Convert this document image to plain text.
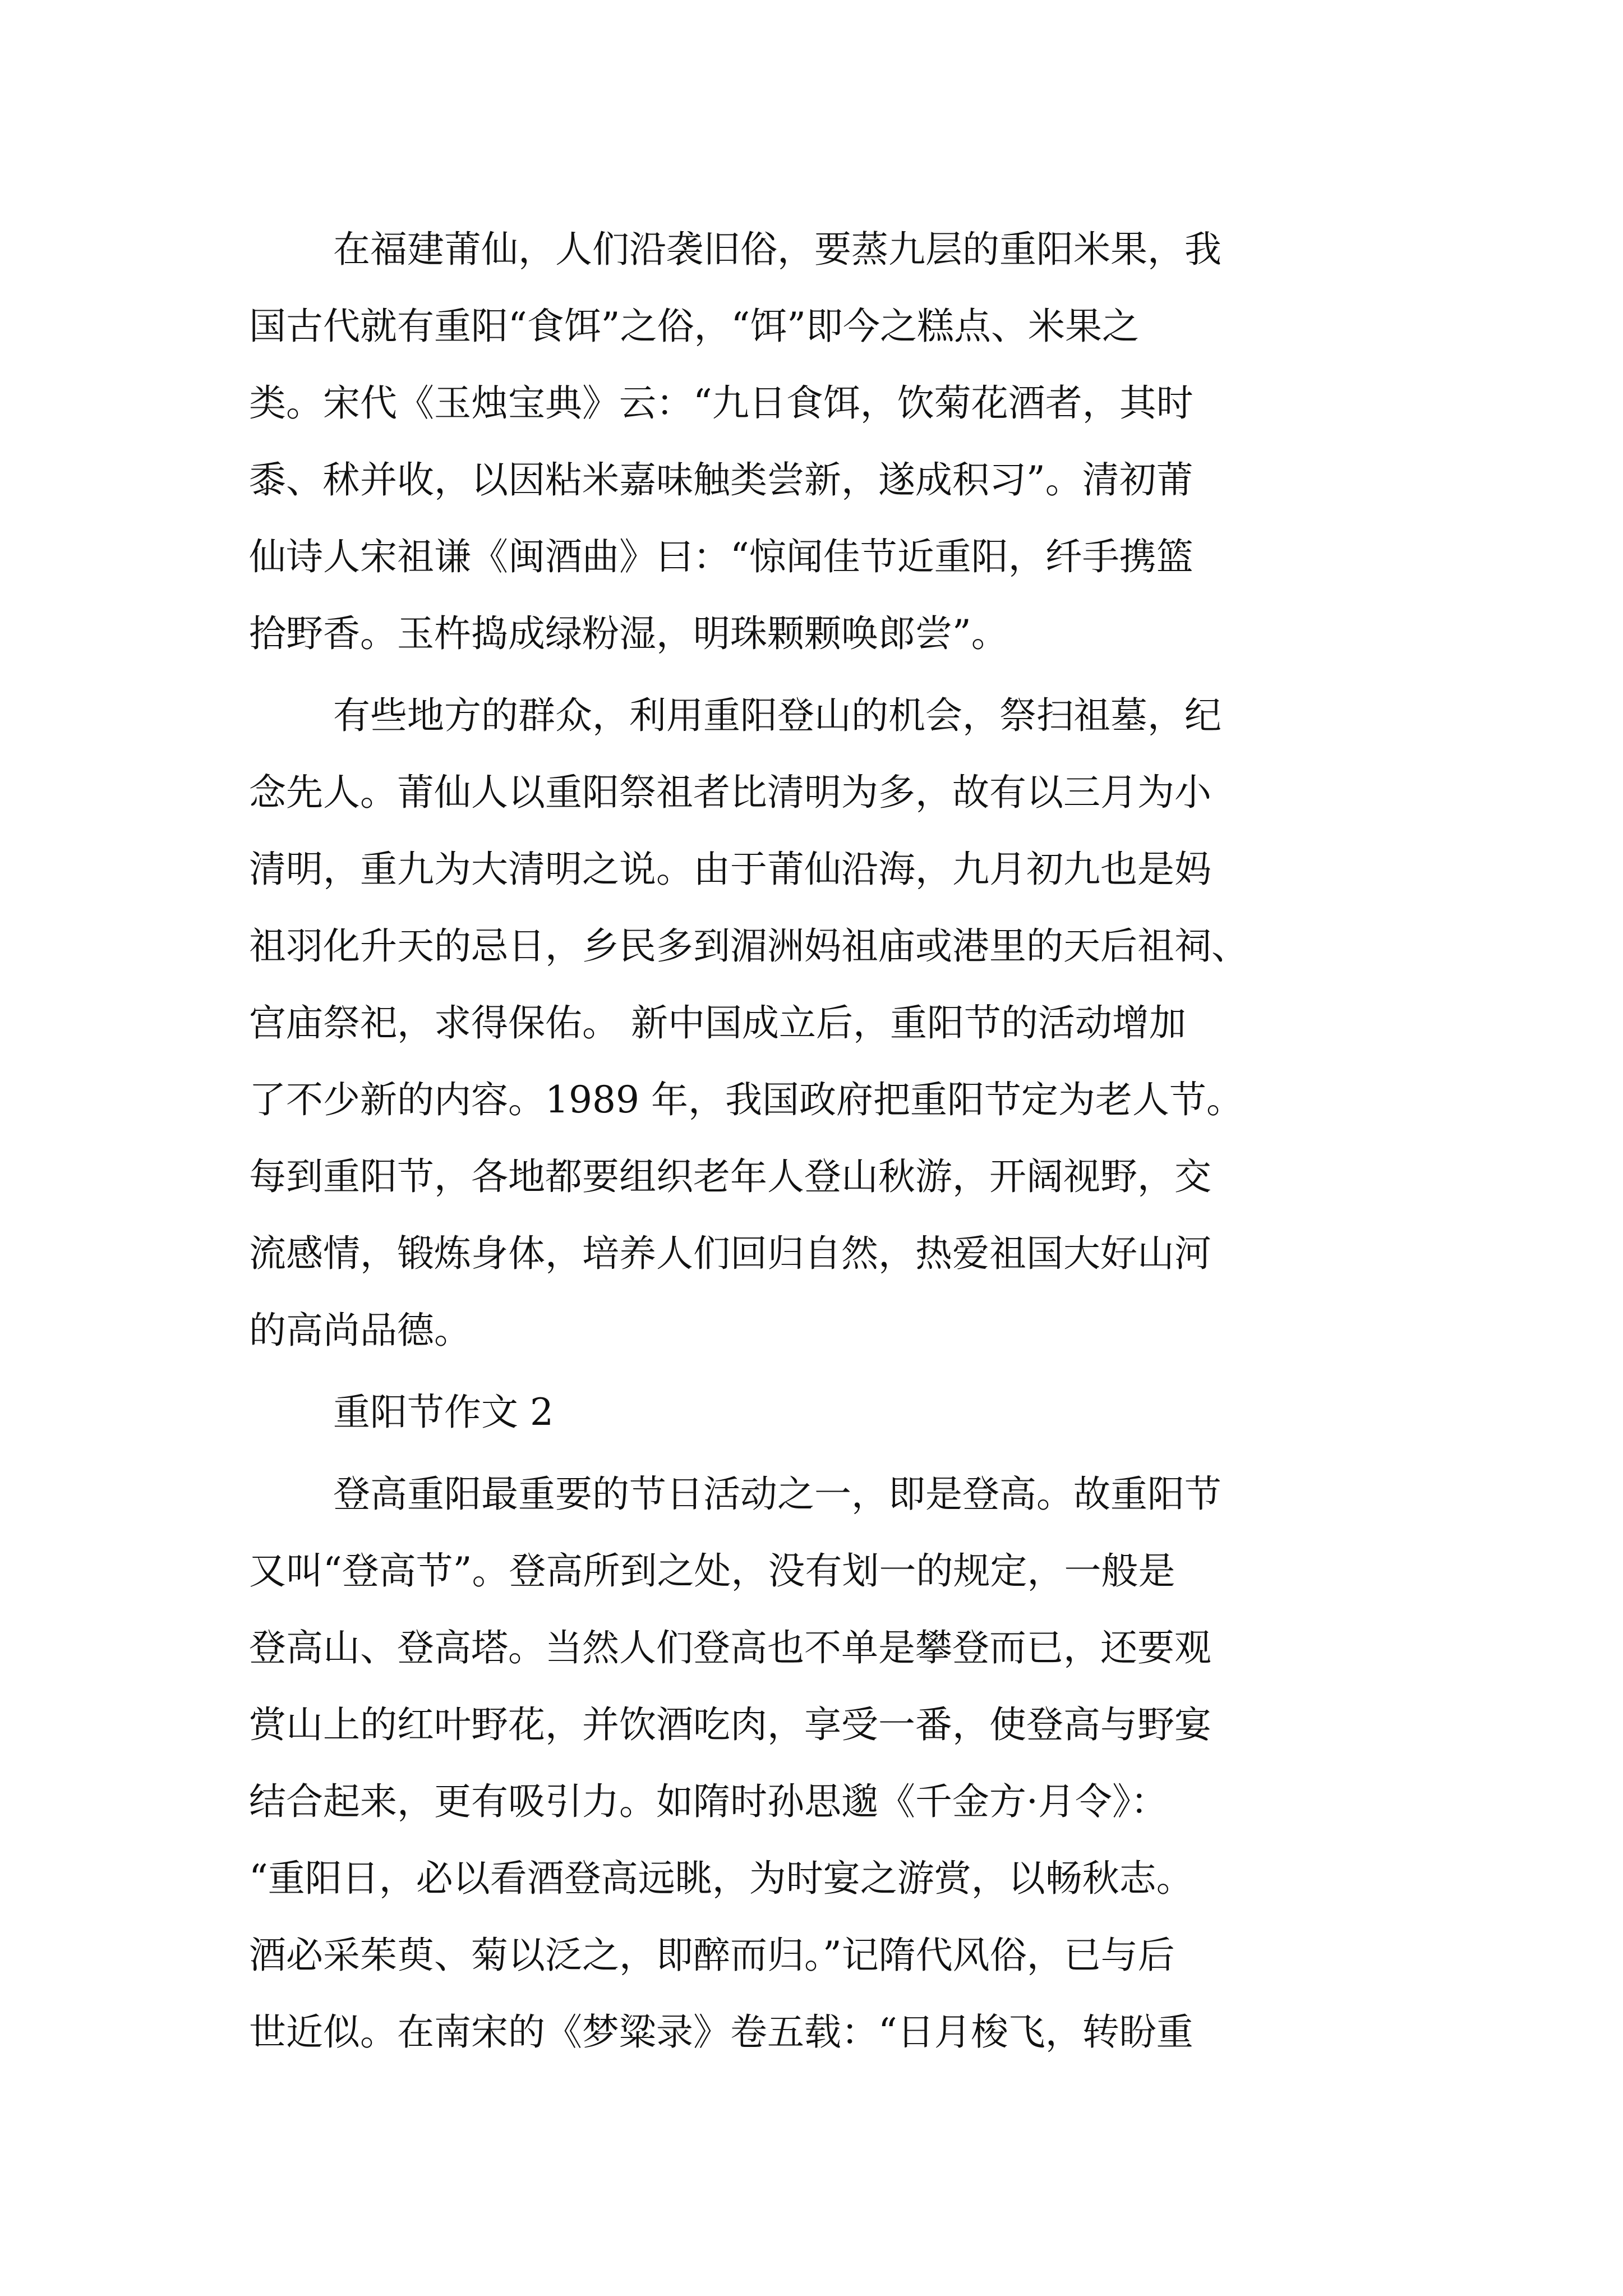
在福建莆仙，人们沿袭旧俗，要蒸九层的重阳米果，我
国古代就有重阳“食饵”之俗，“饵”即今之糕点、米果之
类。宋代《玉烛宝典》云：“九日食饵，饮菊花酒者，其时
黍、秫并收，以因粘米嘉味触类尝新，遂成积习”。清初莆
仙诗人宋祖谦《闽酒曲》曰：“惊闻佳节近重阳，纤手携篮
拾野香。玉杵捣成绿粉湿，明珠颗颗唤郎尝”。
有些地方的群众，利用重阳登山的机会，祭扫祖墓，纪
念先人。莆仙人以重阳祭祖者比清明为多，故有以三月为小
清明，重九为大清明之说。由于莆仙沿海，九月初九也是妈
祖羽化升天的忌日，乡民多到湄洲妈祖庙或港里的天后祖祠、
宫庙祭祀，求得保佑。 新中国成立后，重阳节的活动增加
了不少新的内容。1989 年，我国政府把重阳节定为老人节。
每到重阳节，各地都要组织老年人登山秋游，开阔视野，交
流感情，锻炼身体，培养人们回归自然，热爱祖国大好山河
的高尚品德。
重阳节作文 2
登高重阳最重要的节日活动之一，即是登高。故重阳节
又叫“登高节”。登高所到之处，没有划一的规定，一般是
登高山、登高塔。当然人们登高也不单是攀登而已，还要观
赏山上的红叶野花，并饮酒吃肉，享受一番，使登高与野宴
结合起来，更有吸引力。如隋时孙思邈《千金方·月令》：
“重阳日，必以看酒登高远眺，为时宴之游赏，以畅秋志。
酒必采茱萸、菊以泛之，即醉而归。”记隋代风俗，已与后
世近似。在南宋的《梦粱录》卷五载：“日月梭飞，转盼重
